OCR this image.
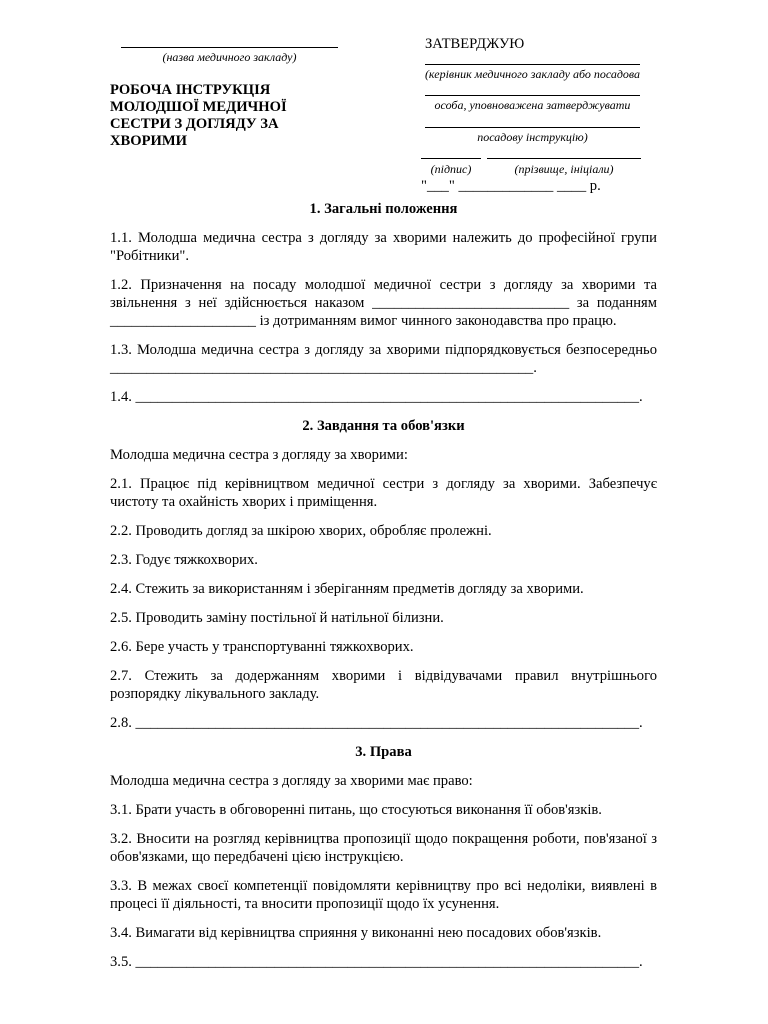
(назва медичного закладу)
РОБОЧА ІНСТРУКЦІЯ
МОЛОДШОЇ МЕДИЧНОЇ
СЕСТРИ З ДОГЛЯДУ ЗА
ХВОРИМИ
ЗАТВЕРДЖУЮ
(керівник медичного закладу або посадова
особа, уповноважена затверджувати
посадову інструкцію)
(підпис)	(прізвище, ініціали)
"___" _____________ ____ р.
1. Загальні положення

1.1. Молодша медична сестра з догляду за хворими належить до професійної групи "Робітники".

1.2. Призначення на посаду молодшої медичної сестри з догляду за хворими та звільнення з неї здійснюється наказом ___________________________ за поданням ____________________ із дотриманням вимог чинного законодавства про працю.

1.3. Молодша медична сестра з догляду за хворими підпорядковується безпосередньо __________________________________________________________.

1.4. _____________________________________________________________________.

2. Завдання та обов'язки

Молодша медична сестра з догляду за хворими:

2.1. Працює під керівництвом медичної сестри з догляду за хворими. Забезпечує чистоту та охайність хворих і приміщення.

2.2. Проводить догляд за шкірою хворих, обробляє пролежні.

2.3. Годує тяжкохворих.

2.4. Стежить за використанням і зберіганням предметів догляду за хворими.

2.5. Проводить заміну постільної й натільної білизни.

2.6. Бере участь у транспортуванні тяжкохворих.

2.7. Стежить за додержанням хворими і відвідувачами правил внутрішнього розпорядку лікувального закладу.

2.8. _____________________________________________________________________.

3. Права

Молодша медична сестра з догляду за хворими має право:

3.1. Брати участь в обговоренні питань, що стосуються виконання її обов'язків.

3.2. Вносити на розгляд керівництва пропозиції щодо покращення роботи, пов'язаної з обов'язками, що передбачені цією інструкцією.

3.3. В межах своєї компетенції повідомляти керівництву про всі недоліки, виявлені в процесі її діяльності, та вносити пропозиції щодо їх усунення.

3.4. Вимагати від керівництва сприяння у виконанні нею посадових обов'язків.

3.5. _____________________________________________________________________.
